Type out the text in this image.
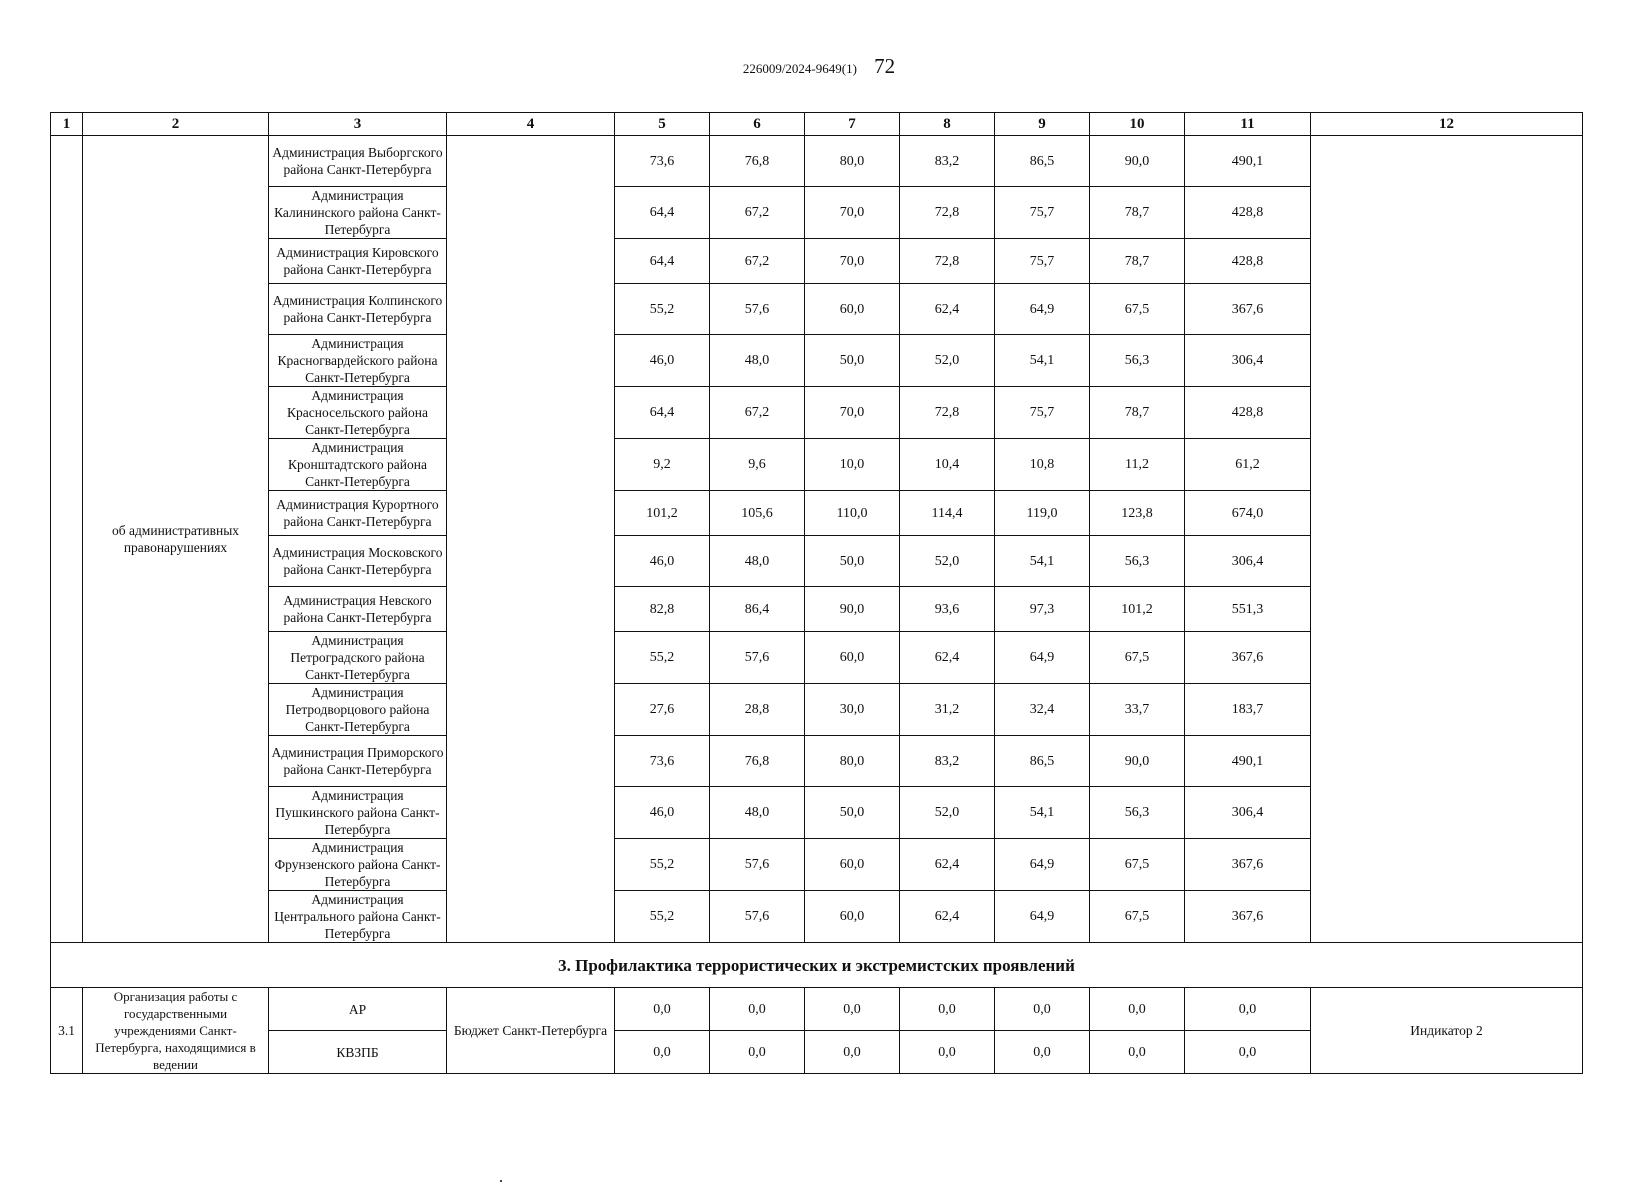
226009/2024-9649(1) 72
1	2	3	4	5	6	7	8	9	10	11	12
	об административных правонарушениях	Администрация Выборгского района Санкт-Петербурга		73,6	76,8	80,0	83,2	86,5	90,0	490,1	
		Администрация Калининского района Санкт-Петербурга		64,4	67,2	70,0	72,8	75,7	78,7	428,8	
		Администрация Кировского района Санкт-Петербурга		64,4	67,2	70,0	72,8	75,7	78,7	428,8	
		Администрация Колпинского района Санкт-Петербурга		55,2	57,6	60,0	62,4	64,9	67,5	367,6	
		Администрация Красногвардейского района Санкт-Петербурга		46,0	48,0	50,0	52,0	54,1	56,3	306,4	
		Администрация Красносельского района Санкт-Петербурга		64,4	67,2	70,0	72,8	75,7	78,7	428,8	
		Администрация Кронштадтского района Санкт-Петербурга		9,2	9,6	10,0	10,4	10,8	11,2	61,2	
		Администрация Курортного района Санкт-Петербурга		101,2	105,6	110,0	114,4	119,0	123,8	674,0	
		Администрация Московского района Санкт-Петербурга		46,0	48,0	50,0	52,0	54,1	56,3	306,4	
		Администрация Невского района Санкт-Петербурга		82,8	86,4	90,0	93,6	97,3	101,2	551,3	
		Администрация Петроградского района Санкт-Петербурга		55,2	57,6	60,0	62,4	64,9	67,5	367,6	
		Администрация Петродворцового района Санкт-Петербурга		27,6	28,8	30,0	31,2	32,4	33,7	183,7	
		Администрация Приморского района Санкт-Петербурга		73,6	76,8	80,0	83,2	86,5	90,0	490,1	
		Администрация Пушкинского района Санкт-Петербурга		46,0	48,0	50,0	52,0	54,1	56,3	306,4	
		Администрация Фрунзенского района Санкт-Петербурга		55,2	57,6	60,0	62,4	64,9	67,5	367,6	
		Администрация Центрального района Санкт-Петербурга		55,2	57,6	60,0	62,4	64,9	67,5	367,6	
3. Профилактика террористических и экстремистских проявлений											
3.1	Организация работы с государственными учреждениями Санкт-Петербурга, находящимися в ведении	АР	Бюджет Санкт-Петербурга	0,0	0,0	0,0	0,0	0,0	0,0	0,0	Индикатор 2
		КВЗПБ		0,0	0,0	0,0	0,0	0,0	0,0	0,0	
